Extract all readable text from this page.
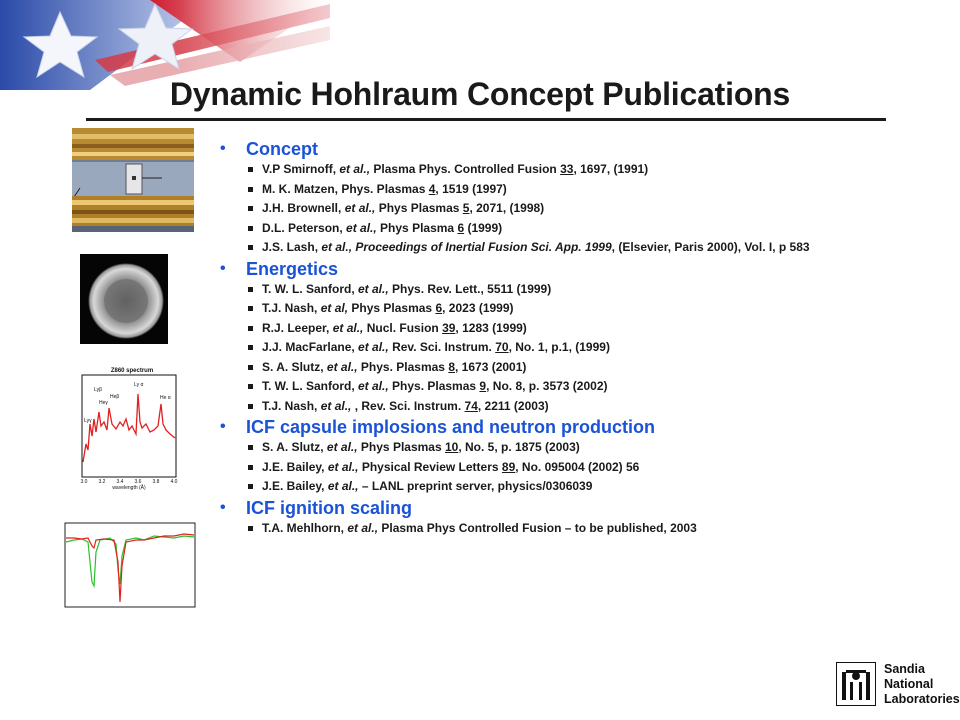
Dynamic Hohlraum Concept Publications
Z860 spectrum
Lyβ
Heγ
Heβ
Ly α
He α
Lyγ
3.0 3.2 3.4 3.6 3.8 4.0
wavelength (Å)
• Concept
V.P Smirnoff, et al., Plasma Phys. Controlled Fusion 33, 1697, (1991)
M. K. Matzen, Phys. Plasmas 4, 1519 (1997)
J.H. Brownell, et al., Phys Plasmas 5, 2071, (1998)
D.L. Peterson, et al., Phys Plasma 6 (1999)
J.S. Lash, et al., Proceedings of Inertial Fusion Sci. App. 1999, (Elsevier, Paris 2000), Vol. I, p 583
• Energetics
T. W. L. Sanford, et al., Phys. Rev. Lett., 5511 (1999)
T.J. Nash, et al, Phys Plasmas 6, 2023 (1999)
R.J. Leeper, et al., Nucl. Fusion 39, 1283 (1999)
J.J. MacFarlane, et al., Rev. Sci. Instrum. 70, No. 1, p.1, (1999)
S. A. Slutz, et al., Phys. Plasmas 8, 1673 (2001)
T. W. L. Sanford, et al., Phys. Plasmas 9, No. 8, p. 3573 (2002)
T.J. Nash, et al., , Rev. Sci. Instrum. 74, 2211 (2003)
• ICF capsule implosions and neutron production
S. A. Slutz, et al., Phys Plasmas 10, No. 5, p. 1875 (2003)
J.E. Bailey, et al., Physical Review Letters 89, No. 095004 (2002) 56
J.E. Bailey, et al., – LANL preprint server, physics/0306039
• ICF ignition scaling
T.A. Mehlhorn, et al., Plasma Phys Controlled Fusion – to be published, 2003
Sandia
National
Laboratories
